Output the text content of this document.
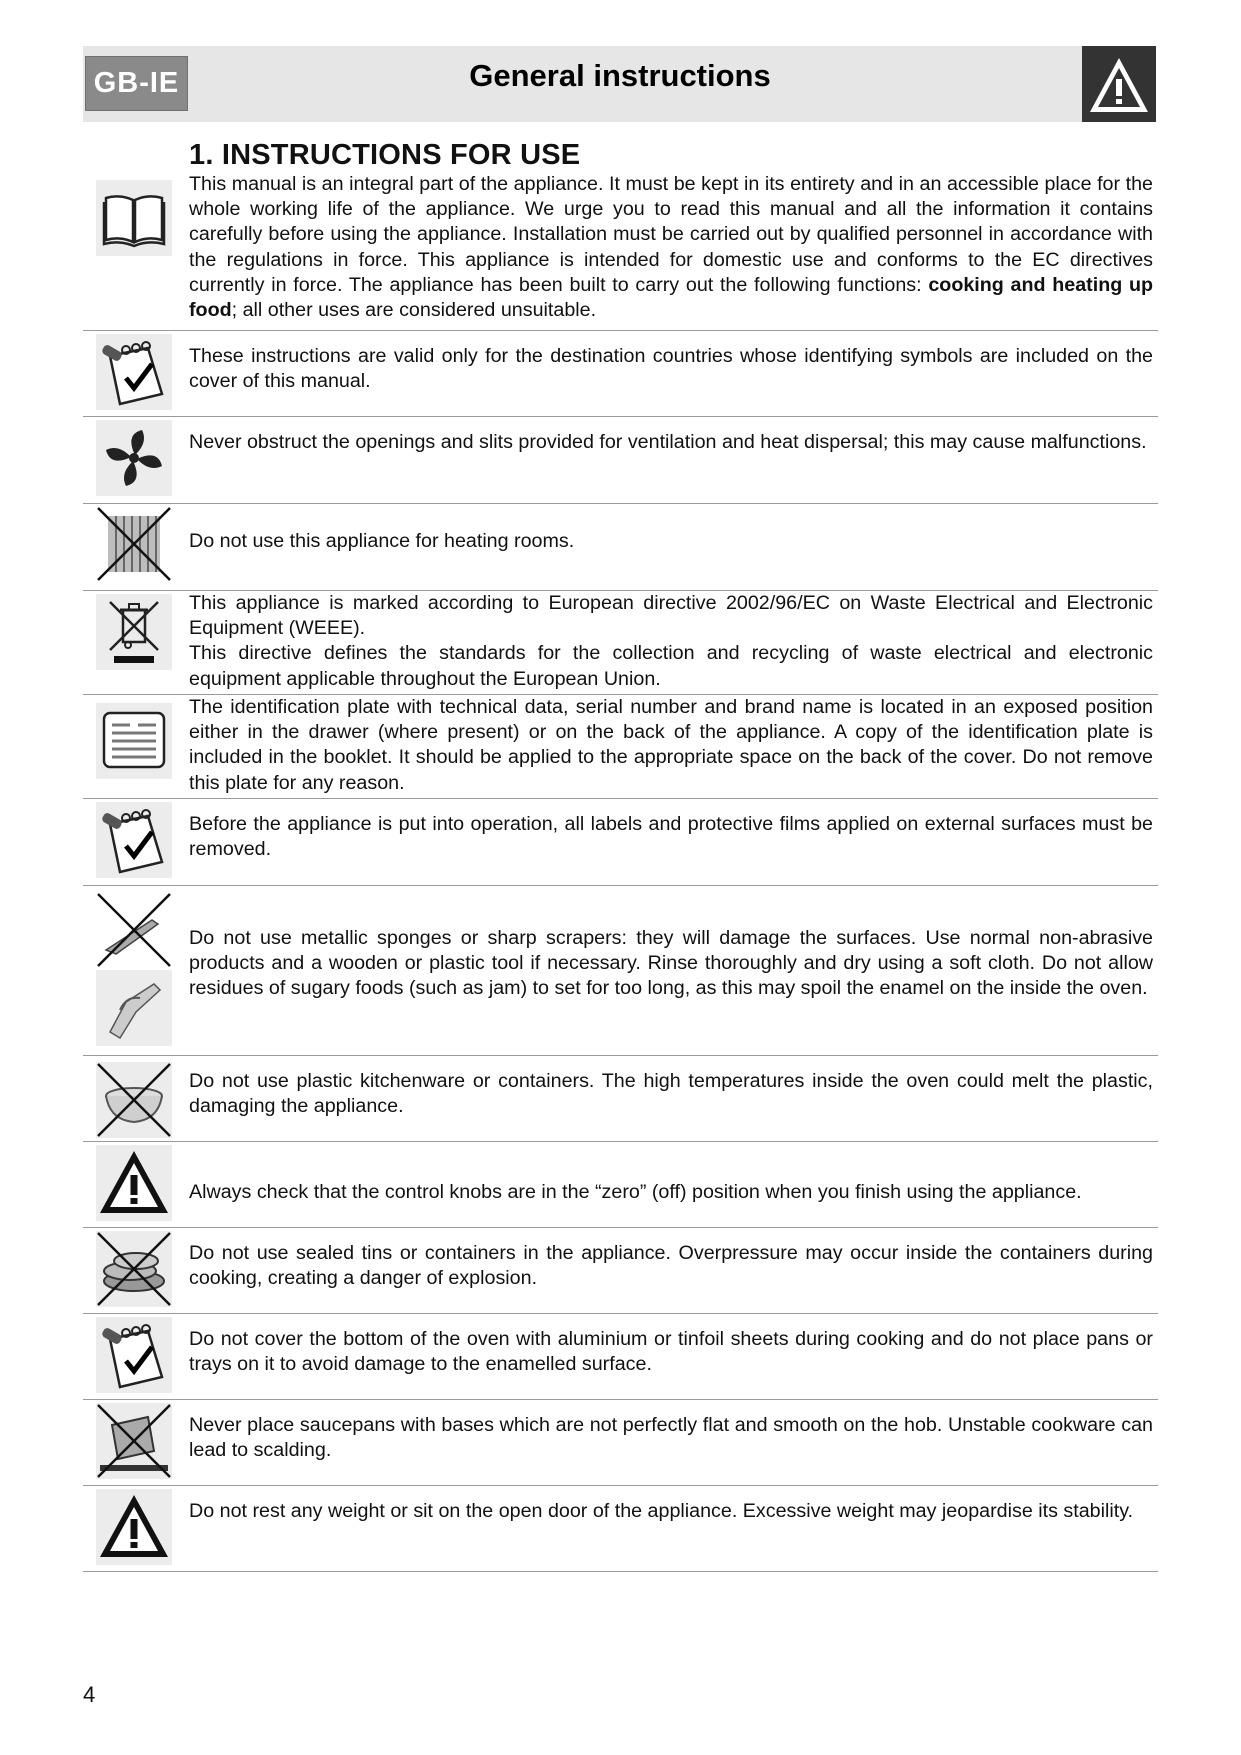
GB-IE	General instructions
1. INSTRUCTIONS FOR USE
This manual is an integral part of the appliance. It must be kept in its entirety and in an accessible place for the whole working life of the appliance. We urge you to read this manual and all the information it contains carefully before using the appliance. Installation must be carried out by qualified personnel in accordance with the regulations in force. This appliance is intended for domestic use and conforms to the EC directives currently in force. The appliance has been built to carry out the following functions: cooking and heating up food; all other uses are considered unsuitable.
These instructions are valid only for the destination countries whose identifying symbols are included on the cover of this manual.
Never obstruct the openings and slits provided for ventilation and heat dispersal; this may cause malfunctions.
Do not use this appliance for heating rooms.
This appliance is marked according to European directive 2002/96/EC on Waste Electrical and Electronic Equipment (WEEE).
This directive defines the standards for the collection and recycling of waste electrical and electronic equipment applicable throughout the European Union.
The identification plate with technical data, serial number and brand name is located in an exposed position either in the drawer (where present) or on the back of the appliance. A copy of the identification plate is included in the booklet. It should be applied to the appropriate space on the back of the cover. Do not remove this plate for any reason.
Before the appliance is put into operation, all labels and protective films applied on external surfaces must be removed.
Do not use metallic sponges or sharp scrapers: they will damage the surfaces. Use normal non-abrasive products and a wooden or plastic tool if necessary. Rinse thoroughly and dry using a soft cloth. Do not allow residues of sugary foods (such as jam) to set for too long, as this may spoil the enamel on the inside the oven.
Do not use plastic kitchenware or containers. The high temperatures inside the oven could melt the plastic, damaging the appliance.
Always check that the control knobs are in the “zero” (off) position when you finish using the appliance.
Do not use sealed tins or containers in the appliance. Overpressure may occur inside the containers during cooking, creating a danger of explosion.
Do not cover the bottom of the oven with aluminium or tinfoil sheets during cooking and do not place pans or trays on it to avoid damage to the enamelled surface.
Never place saucepans with bases which are not perfectly flat and smooth on the hob. Unstable cookware can lead to scalding.
Do not rest any weight or sit on the open door of the appliance. Excessive weight may jeopardise its stability.
4
